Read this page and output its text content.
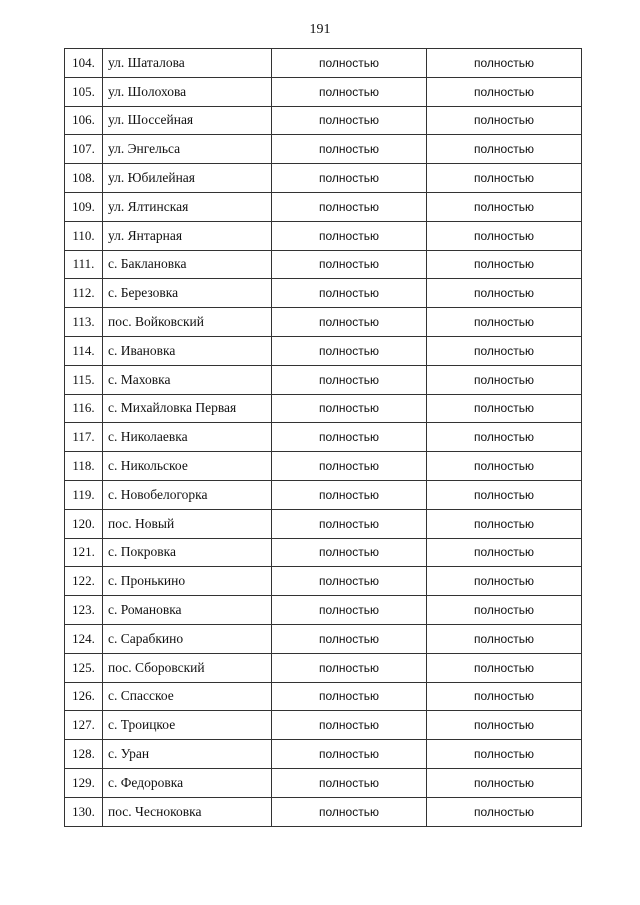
191
104.	ул. Шаталова	полностью	полностью
105.	ул. Шолохова	полностью	полностью
106.	ул. Шоссейная	полностью	полностью
107.	ул. Энгельса	полностью	полностью
108.	ул. Юбилейная	полностью	полностью
109.	ул. Ялтинская	полностью	полностью
110.	ул. Янтарная	полностью	полностью
111.	с. Баклановка	полностью	полностью
112.	с. Березовка	полностью	полностью
113.	пос. Войковский	полностью	полностью
114.	с. Ивановка	полностью	полностью
115.	с. Маховка	полностью	полностью
116.	с. Михайловка Первая	полностью	полностью
117.	с. Николаевка	полностью	полностью
118.	с. Никольское	полностью	полностью
119.	с. Новобелогорка	полностью	полностью
120.	пос. Новый	полностью	полностью
121.	с. Покровка	полностью	полностью
122.	с. Пронькино	полностью	полностью
123.	с. Романовка	полностью	полностью
124.	с. Сарабкино	полностью	полностью
125.	пос. Сборовский	полностью	полностью
126.	с. Спасское	полностью	полностью
127.	с. Троицкое	полностью	полностью
128.	с. Уран	полностью	полностью
129.	с. Федоровка	полностью	полностью
130.	пос. Чесноковка	полностью	полностью
